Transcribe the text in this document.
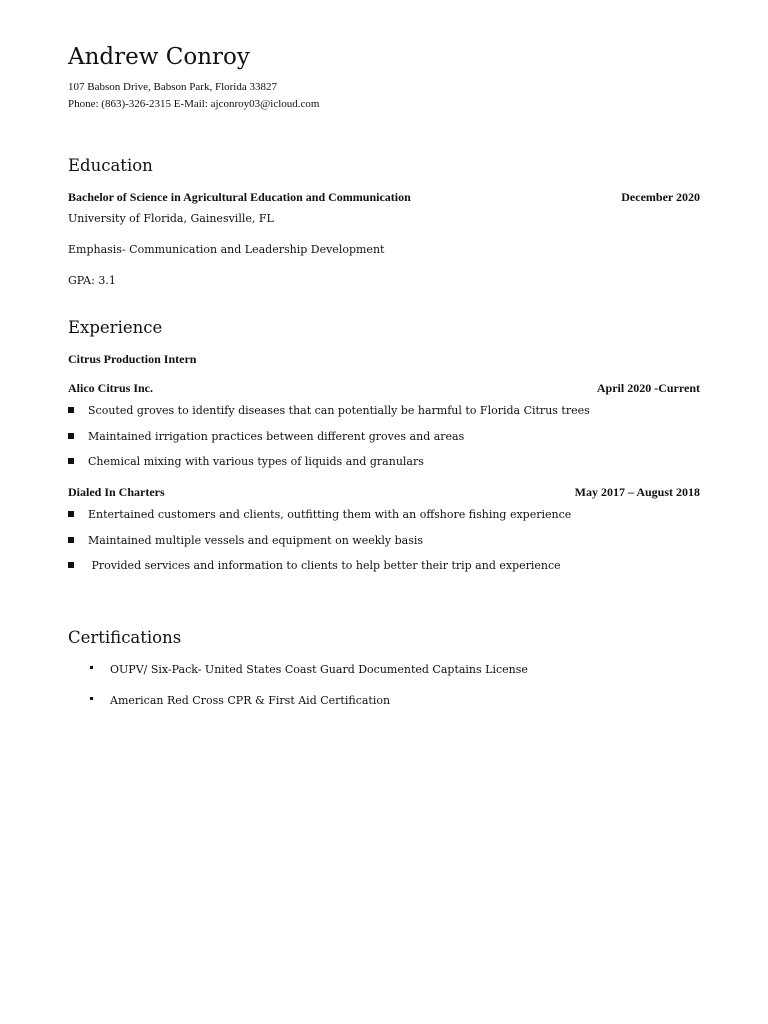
Andrew Conroy
107 Babson Drive, Babson Park, Florida 33827
Phone: (863)-326-2315 E-Mail: ajconroy03@icloud.com
Education
Bachelor of Science in Agricultural Education and Communication	December 2020
University of Florida, Gainesville, FL
Emphasis- Communication and Leadership Development
GPA: 3.1
Experience
Citrus Production Intern
Alico Citrus Inc.	April 2020 -Current
Scouted groves to identify diseases that can potentially be harmful to Florida Citrus trees
Maintained irrigation practices between different groves and areas
Chemical mixing with various types of liquids and granulars
Dialed In Charters	May 2017 – August 2018
Entertained customers and clients, outfitting them with an offshore fishing experience
Maintained multiple vessels and equipment on weekly basis
Provided services and information to clients to help better their trip and experience
Certifications
OUPV/ Six-Pack- United States Coast Guard Documented Captains License
American Red Cross CPR & First Aid Certification
